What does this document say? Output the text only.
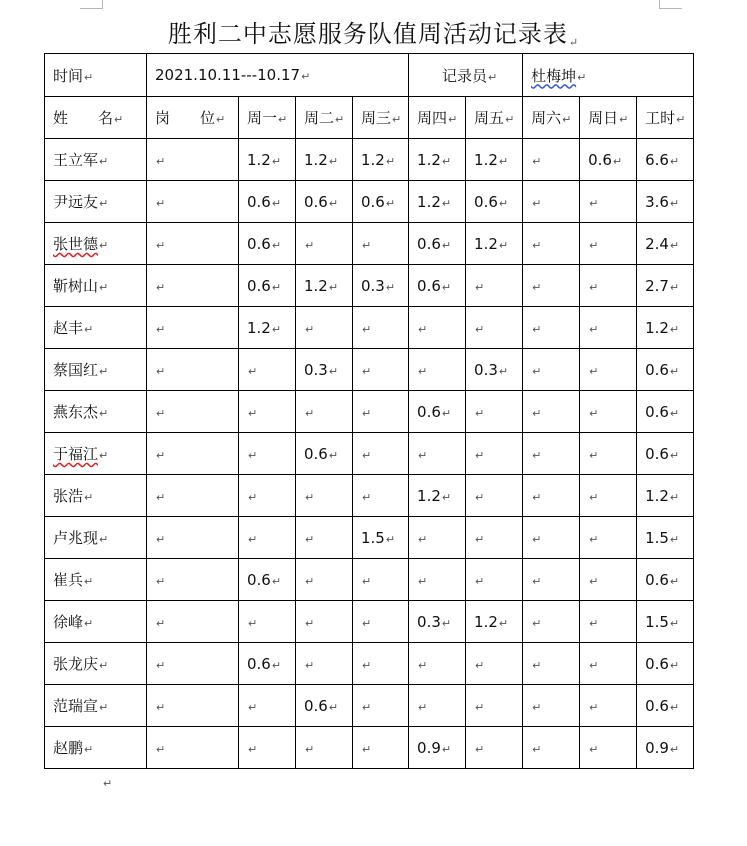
胜利二中志愿服务队值周活动记录表↵
时间↵	2021.10.11---10.17↵				记录员↵		杜梅坤↵		
姓　　名↵	岗　　位↵	周一↵	周二↵	周三↵	周四↵	周五↵	周六↵	周日↵	工时↵
王立军↵	↵	1.2↵	1.2↵	1.2↵	1.2↵	1.2↵	↵	0.6↵	6.6↵
尹远友↵	↵	0.6↵	0.6↵	0.6↵	1.2↵	0.6↵	↵	↵	3.6↵
张世德↵	↵	0.6↵	↵	↵	0.6↵	1.2↵	↵	↵	2.4↵
靳树山↵	↵	0.6↵	1.2↵	0.3↵	0.6↵	↵	↵	↵	2.7↵
赵丰↵	↵	1.2↵	↵	↵	↵	↵	↵	↵	1.2↵
蔡国红↵	↵	↵	0.3↵	↵	↵	0.3↵	↵	↵	0.6↵
燕东杰↵	↵	↵	↵	↵	0.6↵	↵	↵	↵	0.6↵
于福江↵	↵	↵	0.6↵	↵	↵	↵	↵	↵	0.6↵
张浩↵	↵	↵	↵	↵	1.2↵	↵	↵	↵	1.2↵
卢兆现↵	↵	↵	↵	1.5↵	↵	↵	↵	↵	1.5↵
崔兵↵	↵	0.6↵	↵	↵	↵	↵	↵	↵	0.6↵
徐峰↵	↵	↵	↵	↵	0.3↵	1.2↵	↵	↵	1.5↵
张龙庆↵	↵	0.6↵	↵	↵	↵	↵	↵	↵	0.6↵
范瑞宣↵	↵	↵	0.6↵	↵	↵	↵	↵	↵	0.6↵
赵鹏↵	↵	↵	↵	↵	0.9↵	↵	↵	↵	0.9↵
↵
